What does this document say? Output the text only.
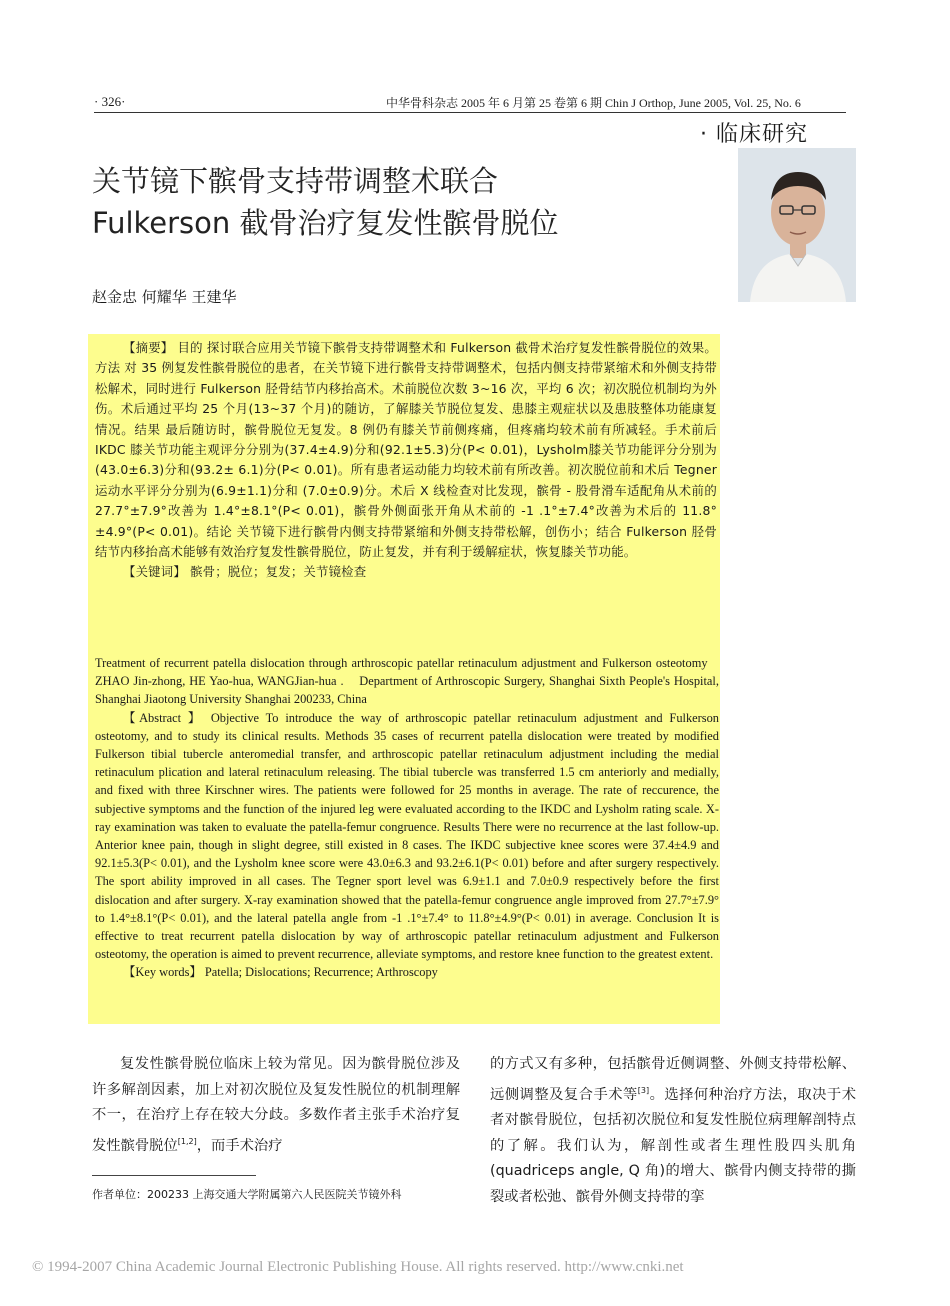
· 326·	中华骨科杂志 2005 年 6 月第 25 卷第 6 期 Chin J Orthop, June 2005, Vol. 25, No. 6
· 临床研究
关节镜下髌骨支持带调整术联合
Fulkerson 截骨治疗复发性髌骨脱位
赵金忠 何耀华 王建华

【摘要】 目的 探讨联合应用关节镜下髌骨支持带调整术和 Fulkerson 截骨术治疗复发性髌骨脱位的效果。方法 对 35 例复发性髌骨脱位的患者，在关节镜下进行髌骨支持带调整术，包括内侧支持带紧缩术和外侧支持带松解术，同时进行 Fulkerson 胫骨结节内移抬高术。术前脱位次数 3~16 次，平均 6 次；初次脱位机制均为外伤。术后通过平均 25 个月(13~37 个月)的随访，了解膝关节脱位复发、患膝主观症状以及患肢整体功能康复情况。结果 最后随访时，髌骨脱位无复发。8 例仍有膝关节前侧疼痛，但疼痛均较术前有所减轻。手术前后 IKDC 膝关节功能主观评分分别为(37.4±4.9)分和(92.1±5.3)分(P< 0.01)，Lysholm膝关节功能评分分别为(43.0±6.3)分和(93.2± 6.1)分(P< 0.01)。所有患者运动能力均较术前有所改善。初次脱位前和术后 Tegner 运动水平评分分别为(6.9±1.1)分和 (7.0±0.9)分。术后 X 线检查对比发现，髌骨 - 股骨滑车适配角从术前的 27.7°±7.9°改善为 1.4°±8.1°(P< 0.01)，髌骨外侧面张开角从术前的 -1 .1°±7.4°改善为术后的 11.8°±4.9°(P< 0.01)。结论 关节镜下进行髌骨内侧支持带紧缩和外侧支持带松解，创伤小；结合 Fulkerson 胫骨结节内移抬高术能够有效治疗复发性髌骨脱位，防止复发，并有利于缓解症状，恢复膝关节功能。

【关键词】 髌骨；脱位；复发；关节镜检查

Treatment of recurrent patella dislocation through arthroscopic patellar retinaculum adjustment and Fulkerson osteotomy    ZHAO Jin-zhong, HE Yao-hua, WANGJian-hua . Department of Arthroscopic Surgery, Shanghai Sixth People's Hospital, Shanghai Jiaotong University Shanghai 200233, China

【Abstract 】 Objective To introduce the way of arthroscopic patellar retinaculum adjustment and Fulkerson osteotomy, and to study its clinical results. Methods 35 cases of recurrent patella dislocation were treated by modified Fulkerson tibial tubercle anteromedial transfer, and arthroscopic patellar retinaculum adjustment including the medial retinaculum plication and lateral retinaculum releasing. The tibial tubercle was transferred 1.5 cm anteriorly and medially, and fixed with three Kirschner wires. The patients were followed for 25 months in average. The rate of reccurence, the subjective symptoms and the function of the injured leg were evaluated according to the IKDC and Lysholm rating scale. X-ray examination was taken to evaluate the patella-femur congruence. Results There were no recurrence at the last follow-up. Anterior knee pain, though in slight degree, still existed in 8 cases. The IKDC subjective knee scores were 37.4±4.9 and 92.1±5.3(P< 0.01), and the Lysholm knee score were 43.0±6.3 and 93.2±6.1(P< 0.01) before and after surgery respectively. The sport ability improved in all cases. The Tegner sport level was 6.9±1.1 and 7.0±0.9 respectively before the first dislocation and after surgery. X-ray examination showed that the patella-femur congruence angle improved from 27.7°±7.9° to 1.4°±8.1°(P< 0.01), and the lateral patella angle from -1 .1°±7.4° to 11.8°±4.9°(P< 0.01) in average. Conclusion It is effective to treat recurrent patella dislocation by way of arthroscopic patellar retinaculum adjustment and Fulkerson osteotomy, the operation is aimed to prevent recurrence, alleviate symptoms, and restore knee function to the greatest extent.

【Key words】 Patella; Dislocations; Recurrence; Arthroscopy

复发性髌骨脱位临床上较为常见。因为髌骨脱位涉及许多解剖因素，加上对初次脱位及复发性脱位的机制理解不一，在治疗上存在较大分歧。多数作者主张手术治疗复发性髌骨脱位[1,2]，而手术治疗

的方式又有多种，包括髌骨近侧调整、外侧支持带松解、远侧调整及复合手术等[3]。选择何种治疗方法，取决于术者对髌骨脱位，包括初次脱位和复发性脱位病理解剖特点的了解。我们认为，解剖性或者生理性股四头肌角(quadriceps angle, Q 角)的增大、髌骨内侧支持带的撕裂或者松弛、髌骨外侧支持带的挛

作者单位：200233 上海交通大学附属第六人民医院关节镜外科
© 1994-2007 China Academic Journal Electronic Publishing House. All rights reserved. http://www.cnki.net
